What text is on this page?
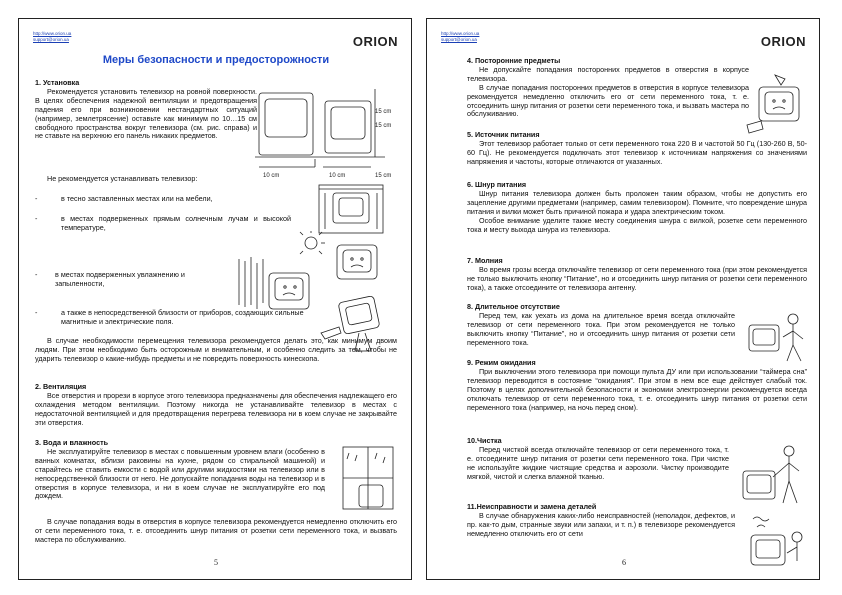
http://www.orion.ua
support@orion.ua	ORION
Меры безопасности и предосторожности

1. Установка

Рекомендуется установить телевизор на ровной поверхности. В целях обеспечения надежной вентиляции и предотвращения падения его при возникновении нестандартных ситуаций (например, землетрясение) оставьте как минимум по 10…15 см свободного пространства вокруг телевизора (см. рис. справа) и не ставьте на верхнюю его панель никаких предметов.

Не рекомендуется устанавливать телевизор:
-	в тесно заставленных местах или на мебели,
-	в местах подверженных прямым солнечным лучам и высокой температуре,
-	в местах подверженных увлажнению и запыленности,
-	а также в непосредственной близости от приборов, создающих сильные магнитные и электрические поля.
В случае необходимости перемещения телевизора рекомендуется делать это, как минимум двоим людям. При этом необходимо быть осторожным и внимательным, и особенно следить за тем, чтобы не ударить телевизор о какие-нибудь предметы и не повредить поверхность кинескопа.

2. Вентиляция

Все отверстия и прорези в корпусе этого телевизора предназначены для обеспечения надлежащего его охлаждения методом вентиляции. Поэтому никогда не устанавливайте телевизор в местах с недостаточной вентиляцией и для предотвращения перегрева телевизора ни в коем случае не закрывайте эти отверстия.

3. Вода и влажность

Не эксплуатируйте телевизор в местах с повышенным уровнем влаги (особенно в ванных комнатах, вблизи раковины на кухне, рядом со стиральной машиной) и старайтесь не ставить емкости с водой или другими жидкостями на телевизор или в непосредственной близости от него. Не допускайте попадания воды на телевизор и в отверстия в корпусе телевизора, и ни в коем случае не эксплуатируйте его под дождем.

В случае попадания воды в отверстия в корпусе телевизора рекомендуется немедленно отключить его от сети переменного тока, т. е. отсоединить шнур питания от розетки сети переменного тока, и вызвать мастера по обслуживанию.
10 cm	10 cm
15 cm
15 cm
15 cm
5
http://www.orion.ua
support@orion.ua	ORION

4. Посторонние предметы

Не допускайте попадания посторонних предметов в отверстия в корпусе телевизора.

В случае попадания посторонних предметов в отверстия в корпусе телевизора рекомендуется немедленно отключить его от сети переменного тока, т. е. отсоединить шнур питания от розетки сети переменного тока, и вызвать мастера по обслуживанию.

5. Источник питания

Этот телевизор работает только от сети переменного тока 220 В и частотой 50 Гц (130-260 В, 50-60 Гц). Не рекомендуется подключать этот телевизор к источникам напряжения со значениями напряжения и частоты, которые отличаются от указанных.

6. Шнур питания

Шнур питания телевизора должен быть проложен таким образом, чтобы не допустить его зацепление другими предметами (например, самим телевизором). Помните, что повреждение шнура питания и вилки может быть причиной пожара и удара электрическим током.

Особое внимание уделите также месту соединения шнура с вилкой, розетке сети переменного тока и месту выхода шнура из телевизора.

7. Молния

Во время грозы всегда отключайте телевизор от сети переменного тока (при этом рекомендуется не только выключить кнопку “Питание”, но и отсоединить шнур питания от розетки сети переменного тока), а также отсоедините от телевизора антенну.

8. Длительное отсутствие

Перед тем, как уехать из дома на длительное время всегда отключайте телевизор от сети переменного тока. При этом рекомендуется не только выключить кнопку “Питание”, но и отсоединить шнур питания от розетки сети переменного тока.

9. Режим ожидания

При выключении этого телевизора при помощи пульта ДУ или при использовании “таймера сна” телевизор переводится в состояние “ожидания”. При этом в нем все еще действует слабый ток. Поэтому в целях дополнительной безопасности и экономии электроэнергии рекомендуется всегда отключать телевизор от сети переменного тока, т. е. отсоединить шнур питания от розетки сети переменного тока (например, на ночь перед сном).

10.Чистка

Перед чисткой всегда отключайте телевизор от сети переменного тока, т. е. отсоедините шнур питания от розетки сети переменного тока. При чистке не используйте жидкие чистящие средства и аэрозоли. Чистку производите мягкой, чистой и слегка влажной тканью.

11.Неисправности и замена деталей

В случае обнаружения каких-либо неисправностей (неполадок, дефектов, и пр. как-то дым, странные звуки или запахи, и т. п.) в телевизоре рекомендуется немедленно отключить его от сети

6
